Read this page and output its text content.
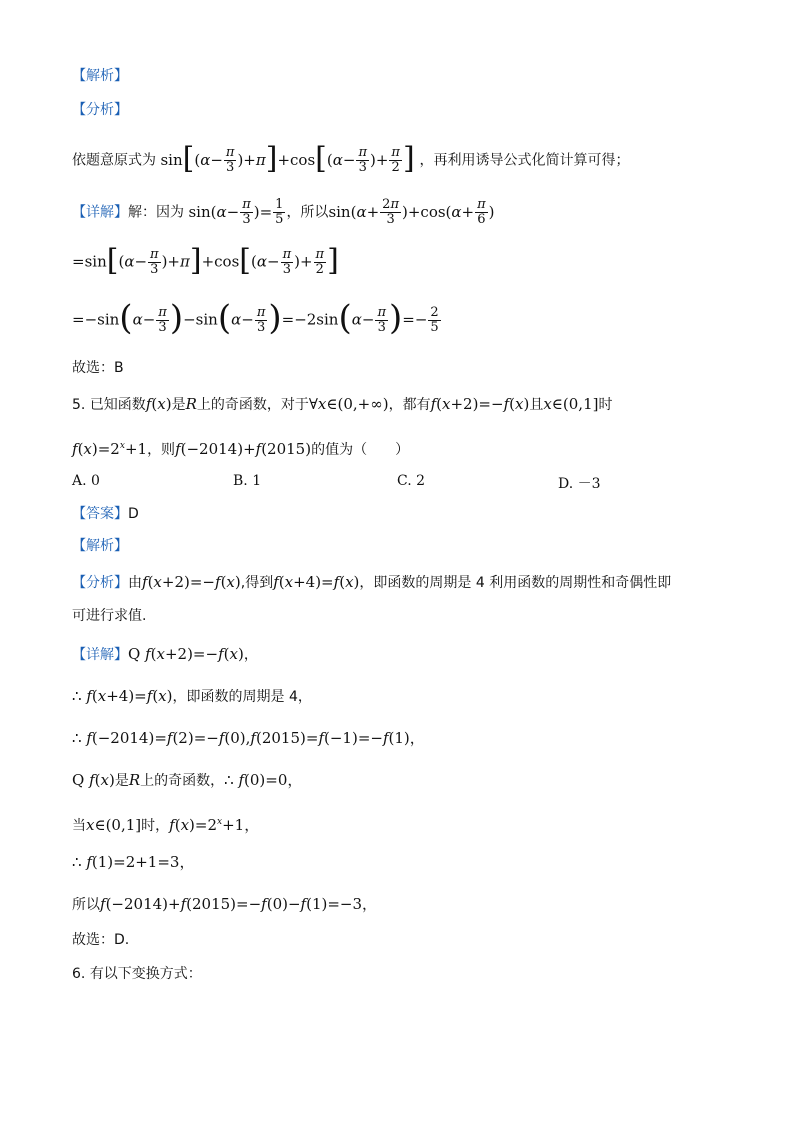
【解析】
【分析】
依题意原式为 $\sin[(\alpha- \frac{\pi}{3} )+\pi]+\cos[(\alpha- \frac{\pi}{3}$ )+ $\frac{\pi}{2}$ ] ，再利用诱导公式化简计算可得；
【详解】解：因为 $\sin(\alpha- \frac{\pi}{3}$ )= $\frac{1}{5}$ ，所以$\sin(\alpha+ \frac{2\pi}{3} )+\cos(\alpha+ \frac{\pi}{6}$ )
$=\sin[(\alpha- \frac{\pi}{3} )+\pi]+\cos[(\alpha- \frac{\pi}{3}$ )+ $\frac{\pi}{2}$ ]
$=-\sin(\alpha- \frac{\pi}{3} )-\sin(\alpha- \frac{\pi}{3} )=-2\sin(\alpha- \frac{\pi}{3}$ )=− $\frac{2}{5}$
故选：B
5. 已知函数f(x)是R上的奇函数，对于∀x∈(0,+∞)，都有f(x+2)=−f(x)且x∈(0,1]时
$f(x)=2^x+1$，则f(−2014)+f(2015)的值为（　　）
A. 0	B. 1	C. 2	D. －3
【答案】D
【解析】
【分析】由f(x+2)=−f(x),得到f(x+4)=f(x)，即函数的周期是 4 利用函数的周期性和奇偶性即
可进行求值.
【详解】Q f(x+2)=−f(x)，
∴ f(x+4)=f(x)，即函数的周期是 4，
∴ f(−2014)=f(2)=−f(0),f(2015)=f(−1)=−f(1)，
Q f(x)是R上的奇函数，∴ f(0)=0，
当x∈(0,1]时，$f(x)=2^x+1$，
∴ f(1)=2+1=3，
所以f(−2014)+f(2015)=−f(0)−f(1)=−3，
故选：D.
6. 有以下变换方式：
